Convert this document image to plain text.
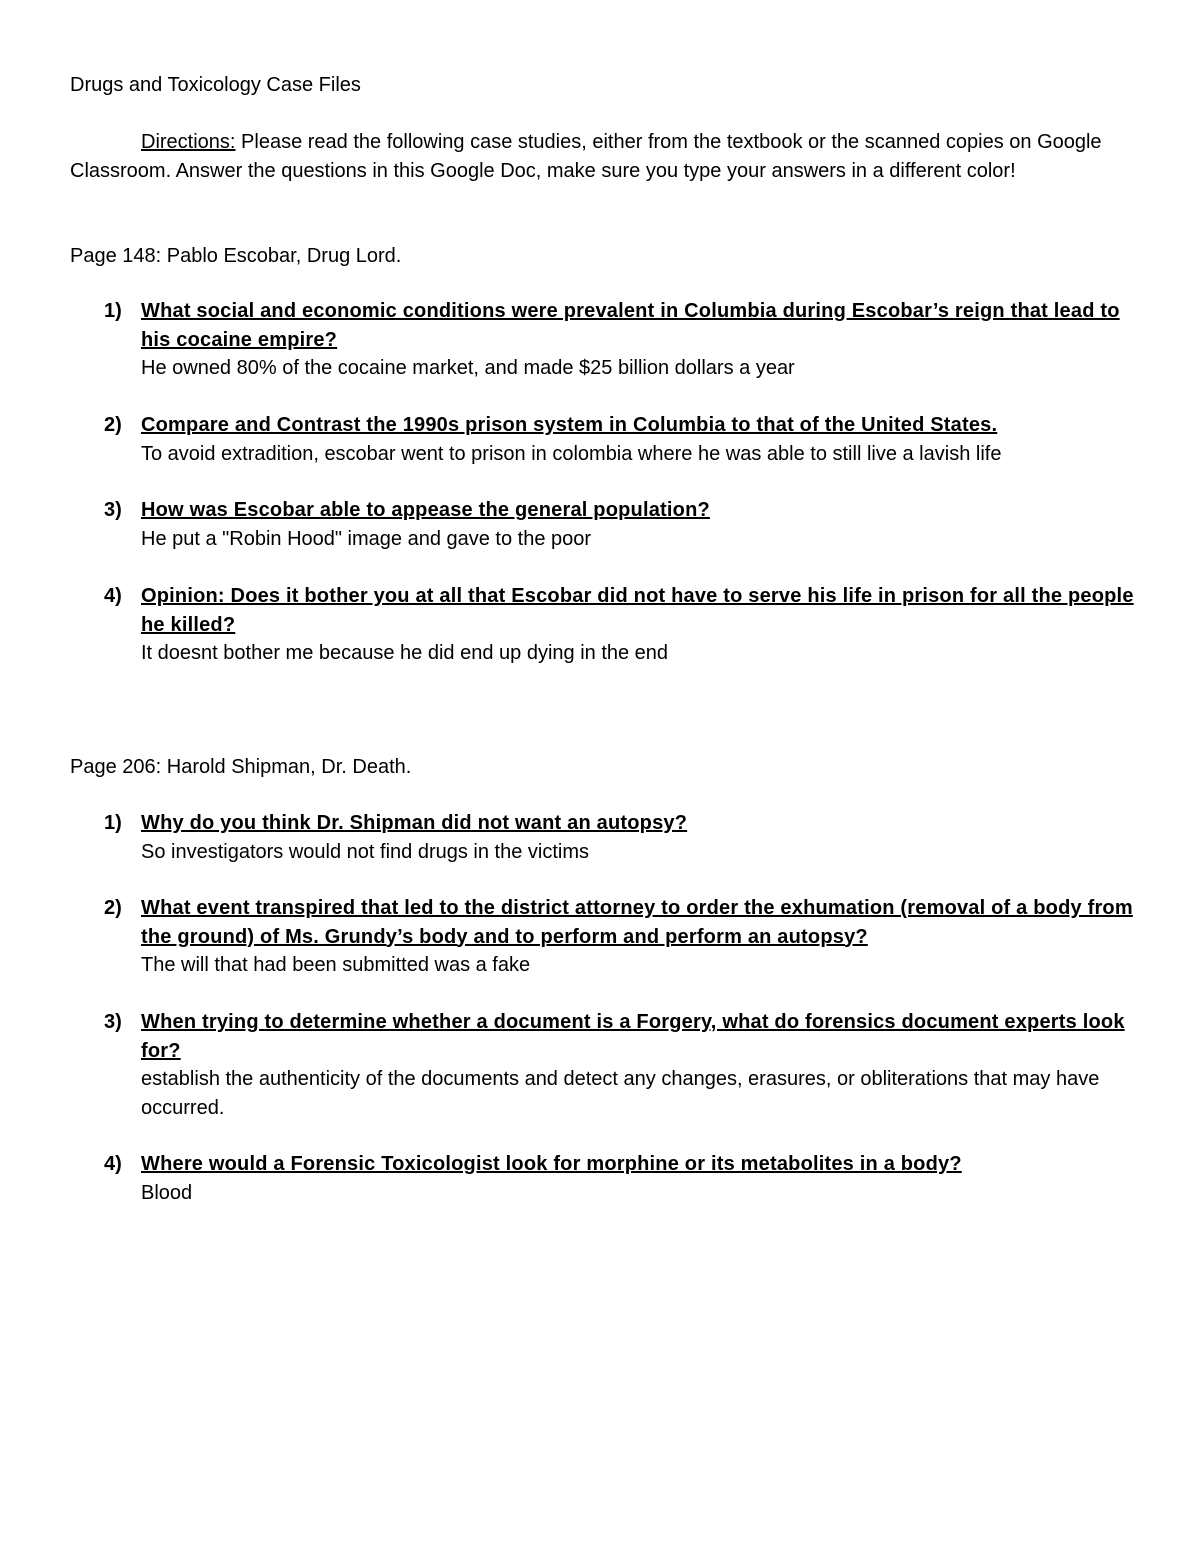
Drugs and Toxicology Case Files

Directions: Please read the following case studies, either from the textbook or the scanned copies on Google Classroom. Answer the questions in this Google Doc, make sure you type your answers in a different color!

Page 148: Pablo Escobar, Drug Lord.
1) What social and economic conditions were prevalent in Columbia during Escobar’s reign that lead to his cocaine empire?
He owned 80% of the cocaine market, and made $25 billion dollars a year
2) Compare and Contrast the 1990s prison system in Columbia to that of the United States.
To avoid extradition, escobar went to prison in colombia where he was able to still live a lavish life
3) How was Escobar able to appease the general population?
He put a "Robin Hood" image and gave to the poor
4) Opinion: Does it bother you at all that Escobar did not have to serve his life in prison for all the people he killed?
It doesnt bother me because he did end up dying in the end
Page 206: Harold Shipman, Dr. Death.
1) Why do you think Dr. Shipman did not want an autopsy?
So investigators would not find drugs in the victims
2) What event transpired that led to the district attorney to order the exhumation (removal of a body from the ground) of Ms. Grundy’s body and to perform and perform an autopsy?
The will that had been submitted was a fake
3) When trying to determine whether a document is a Forgery, what do forensics document experts look for?
establish the authenticity of the documents and detect any changes, erasures, or obliterations that may have occurred.
4) Where would a Forensic Toxicologist look for morphine or its metabolites in a body?
Blood
